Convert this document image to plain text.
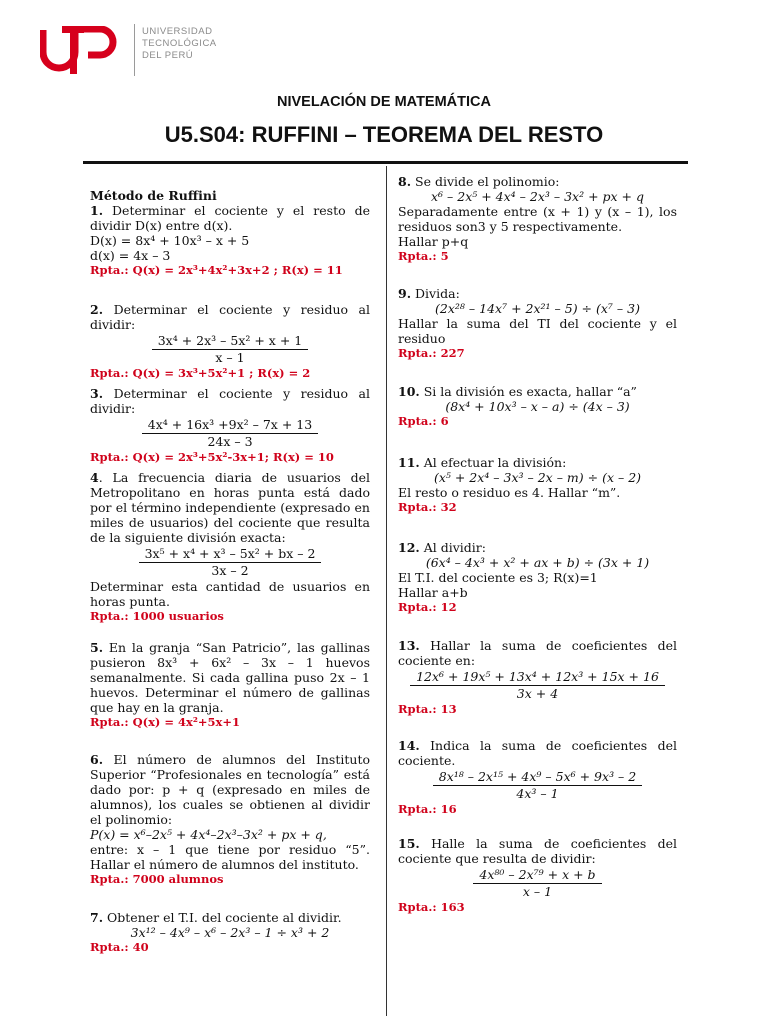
UNIVERSIDAD
TECNOLÓGICA
DEL PERÚ
NIVELACIÓN DE MATEMÁTICA
U5.S04: RUFFINI – TEOREMA DEL RESTO

Método de Ruffini

1. Determinar el cociente y el resto de dividir D(x) entre d(x).

D(x) = 8x⁴ + 10x³ – x + 5

d(x) = 4x – 3

Rpta.: Q(x) = 2x³+4x²+3x+2 ; R(x) = 11

2. Determinar el cociente y residuo al dividir:

3x⁴ + 2x³ – 5x² + x + 1
x – 1

Rpta.: Q(x) = 3x³+5x²+1 ; R(x) = 2

3. Determinar el cociente y residuo al dividir:

4x⁴ + 16x³ +9x² – 7x + 13
24x – 3

Rpta.: Q(x) = 2x³+5x²-3x+1; R(x) = 10

4. La frecuencia diaria de usuarios del Metropolitano en horas punta está dado por el término independiente (expresado en miles de usuarios) del cociente que resulta de la siguiente división exacta:

3x⁵ + x⁴ + x³ – 5x² + bx – 2
3x – 2

Determinar esta cantidad de usuarios en horas punta.

Rpta.: 1000 usuarios

5. En la granja “San Patricio”, las gallinas pusieron 8x³ + 6x² – 3x – 1 huevos semanalmente. Si cada gallina puso 2x – 1 huevos. Determinar el número de gallinas que hay en la granja.

Rpta.: Q(x) = 4x²+5x+1

6. El número de alumnos del Instituto Superior “Profesionales en tecnología” está dado por: p + q (expresado en miles de alumnos), los cuales se obtienen al dividir el polinomio:

P(x) = x⁶–2x⁵ + 4x⁴–2x³–3x² + px + q,

entre: x – 1 que tiene por residuo “5”. Hallar el número de alumnos del instituto.

Rpta.: 7000 alumnos

7. Obtener el T.I. del cociente al dividir.

3x¹² – 4x⁹ – x⁶ – 2x³ – 1 ÷ x³ + 2

Rpta.: 40

8. Se divide el polinomio:

x⁶ – 2x⁵ + 4x⁴ – 2x³ – 3x² + px + q

Separadamente entre (x + 1) y (x – 1), los residuos son3 y 5 respectivamente.

Hallar p+q

Rpta.: 5

9. Divida:

(2x²⁸ – 14x⁷ + 2x²¹ – 5) ÷ (x⁷ – 3)

Hallar la suma del TI del cociente y el residuo

Rpta.: 227

10. Si la división es exacta, hallar “a”

(8x⁴ + 10x³ – x – a) ÷ (4x – 3)

Rpta.: 6

11. Al efectuar la división:

(x⁵ + 2x⁴ – 3x³ – 2x – m) ÷ (x – 2)

El resto o residuo es 4. Hallar “m”.

Rpta.: 32

12. Al dividir:

(6x⁴ – 4x³ + x² + ax + b) ÷ (3x + 1)

El T.I. del cociente es 3; R(x)=1

Hallar a+b

Rpta.: 12

13. Hallar la suma de coeficientes del cociente en:

12x⁶ + 19x⁵ + 13x⁴ + 12x³ + 15x + 16
3x + 4

Rpta.: 13

14. Indica la suma de coeficientes del cociente.

8x¹⁸ – 2x¹⁵ + 4x⁹ – 5x⁶ + 9x³ – 2
4x³ – 1

Rpta.: 16

15. Halle la suma de coeficientes del cociente que resulta de dividir:

4x⁸⁰ – 2x⁷⁹ + x + b
x – 1

Rpta.: 163
